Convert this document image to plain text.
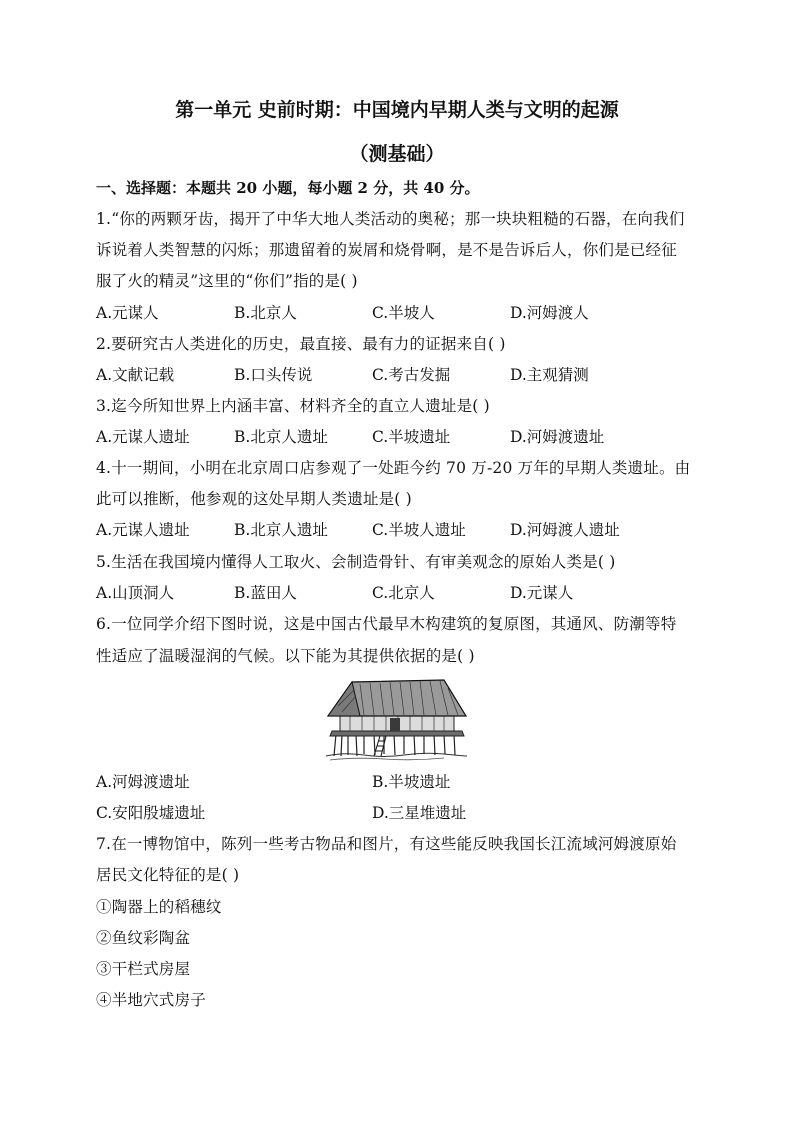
第一单元 史前时期：中国境内早期人类与文明的起源
（测基础）
一、选择题：本题共 20 小题，每小题 2 分，共 40 分。
1.“你的两颗牙齿，揭开了中华大地人类活动的奥秘；那一块块粗糙的石器，在向我们
诉说着人类智慧的闪烁；那遗留着的炭屑和烧骨啊，是不是告诉后人，你们是已经征
服了火的精灵”这里的“你们”指的是( )
A.元谋人	B.北京人	C.半坡人	D.河姆渡人
2.要研究古人类进化的历史，最直接、最有力的证据来自( )
A.文献记载	B.口头传说	C.考古发掘	D.主观猜测
3.迄今所知世界上内涵丰富、材料齐全的直立人遗址是( )
A.元谋人遗址	B.北京人遗址	C.半坡遗址	D.河姆渡遗址
4.十一期间，小明在北京周口店参观了一处距今约 70 万-20 万年的早期人类遗址。由
此可以推断，他参观的这处早期人类遗址是( )
A.元谋人遗址	B.北京人遗址	C.半坡人遗址	D.河姆渡人遗址
5.生活在我国境内懂得人工取火、会制造骨针、有审美观念的原始人类是( )
A.山顶洞人	B.蓝田人	C.北京人	D.元谋人
6.一位同学介绍下图时说，这是中国古代最早木构建筑的复原图，其通风、防潮等特
性适应了温暖湿润的气候。以下能为其提供依据的是( )
A.河姆渡遗址	B.半坡遗址
C.安阳殷墟遗址	D.三星堆遗址
7.在一博物馆中，陈列一些考古物品和图片，有这些能反映我国长江流域河姆渡原始
居民文化特征的是( )
①陶器上的稻穗纹
②鱼纹彩陶盆
③干栏式房屋
④半地穴式房子
